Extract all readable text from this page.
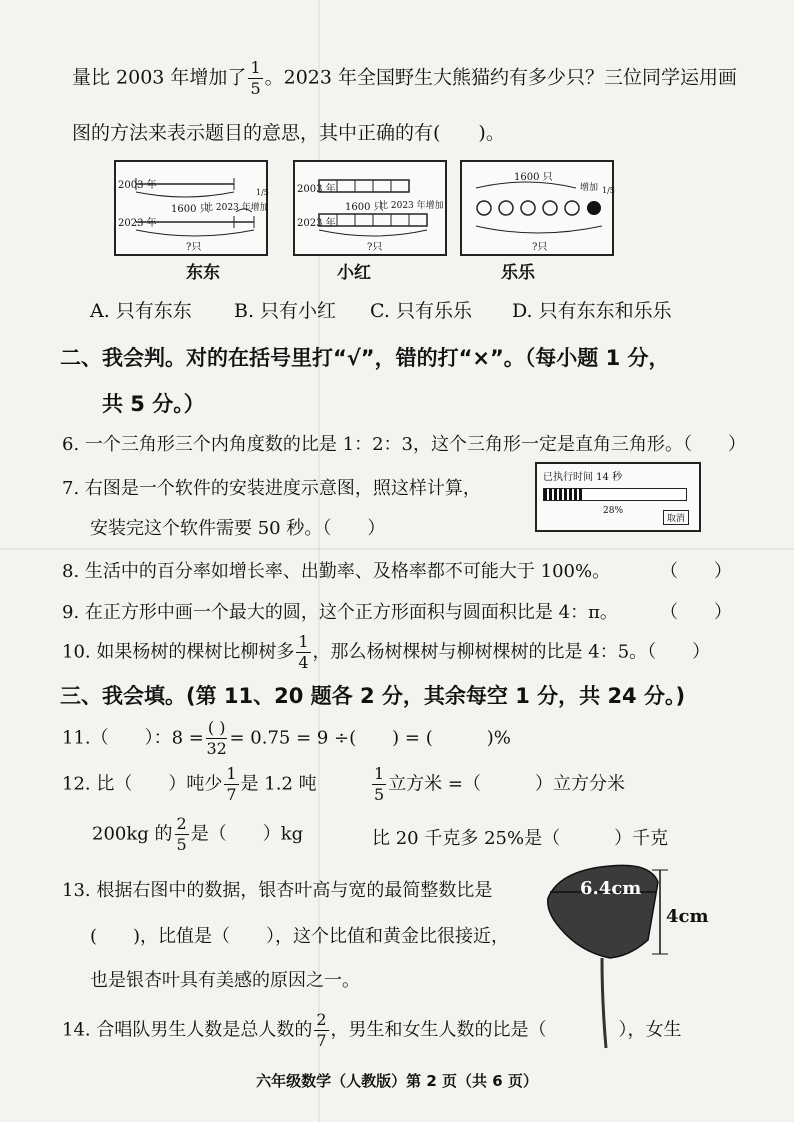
量比 2003 年增加了 $\frac{1}{5}$ 。2023 年全国野生大熊猫约有多少只？三位同学运用画
图的方法来表示题目的意思，其中正确的有(　　)。
2003 年
2023 年
1600 只
比 2023 年增加
1/5
?只
东东
2003 年
2023 年
1600 只
比 2023 年增加
?只
小红
1600 只
增加 1/5
?只
乐乐
A. 只有东东 B. 只有小红 C. 只有乐乐 D. 只有东东和乐乐
二、我会判。对的在括号里打“√”，错的打“×”。（每小题 1 分，
共 5 分。）
6. 一个三角形三个内角度数的比是 1：2：3，这个三角形一定是直角三角形。（　　）
7. 右图是一个软件的安装进度示意图，照这样计算，
安装完这个软件需要 50 秒。（　　）
已执行时间 14 秒
28%
取消
8. 生活中的百分率如增长率、出勤率、及格率都不可能大于 100%。	（　　）
9. 在正方形中画一个最大的圆，这个正方形面积与圆面积比是 4：π。 （　　）
10. 如果杨树的棵树比柳树多 $\frac{1}{4}$ ，那么杨树棵树与柳树棵树的比是 4：5。（　　）
三、我会填。(第 11、20 题各 2 分，其余每空 1 分，共 24 分。)
11.（　　）：$8 = \frac{( )}{32} = 0.75 = 9$ ÷(　　) = (　　　)%
12. 比（　　）吨少 $\frac{1}{7}$ 是 1.2 吨	$\frac{1}{5}$ 立方米 =（　　　）立方分米
200kg 的 $\frac{2}{5}$ 是（　　）kg	比 20 千克多 25%是（　　　）千克
13. 根据右图中的数据，银杏叶高与宽的最简整数比是
(　　)，比值是（　　），这个比值和黄金比很接近，
也是银杏叶具有美感的原因之一。
6.4cm
4cm
14. 合唱队男生人数是总人数的 $\frac{2}{7}$ ，男生和女生人数的比是（　　　　），女生
六年级数学（人教版）第 2 页（共 6 页）
